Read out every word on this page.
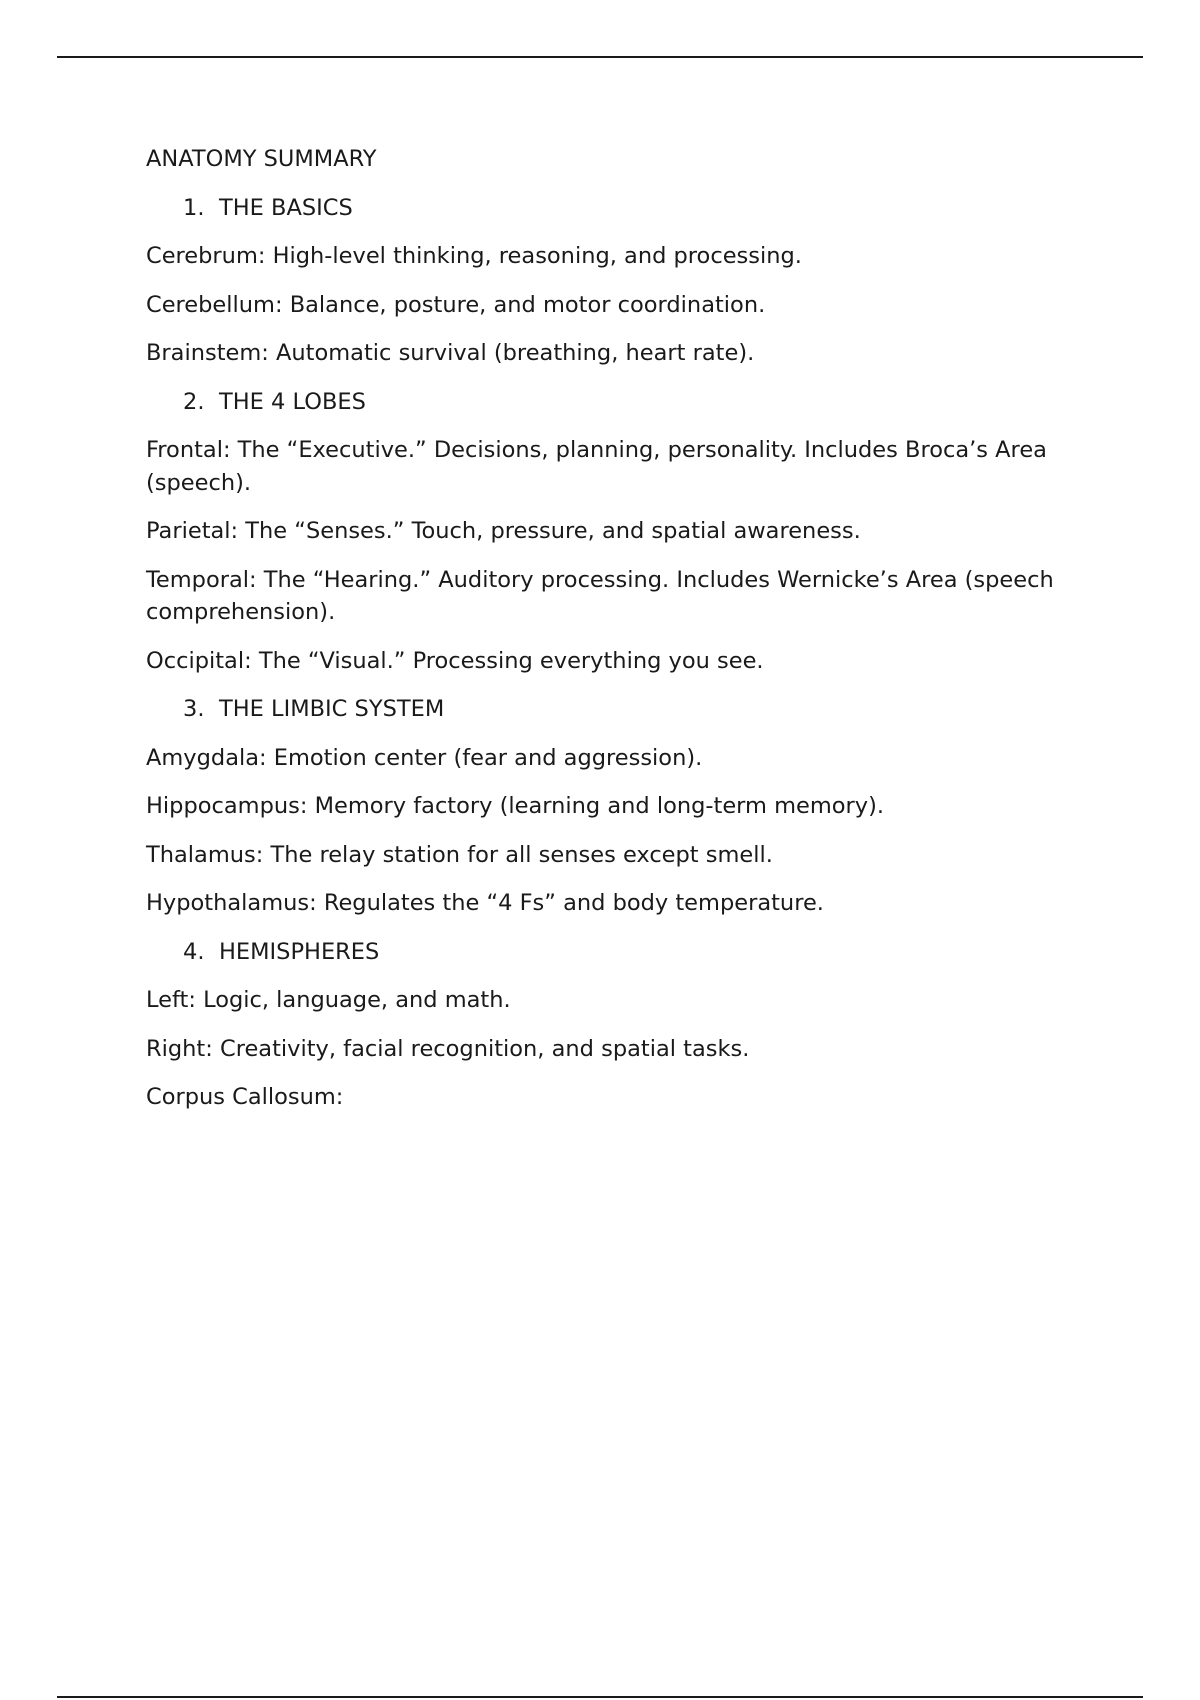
ANATOMY SUMMARY

1. THE BASICS

Cerebrum: High-level thinking, reasoning, and processing.

Cerebellum: Balance, posture, and motor coordination.

Brainstem: Automatic survival (breathing, heart rate).

2. THE 4 LOBES

Frontal: The “Executive.” Decisions, planning, personality. Includes Broca’s Area (speech).

Parietal: The “Senses.” Touch, pressure, and spatial awareness.

Temporal: The “Hearing.” Auditory processing. Includes Wernicke’s Area (speech comprehension).

Occipital: The “Visual.” Processing everything you see.

3. THE LIMBIC SYSTEM

Amygdala: Emotion center (fear and aggression).

Hippocampus: Memory factory (learning and long-term memory).

Thalamus: The relay station for all senses except smell.

Hypothalamus: Regulates the “4 Fs” and body temperature.

4. HEMISPHERES

Left: Logic, language, and math.

Right: Creativity, facial recognition, and spatial tasks.

Corpus Callosum:
